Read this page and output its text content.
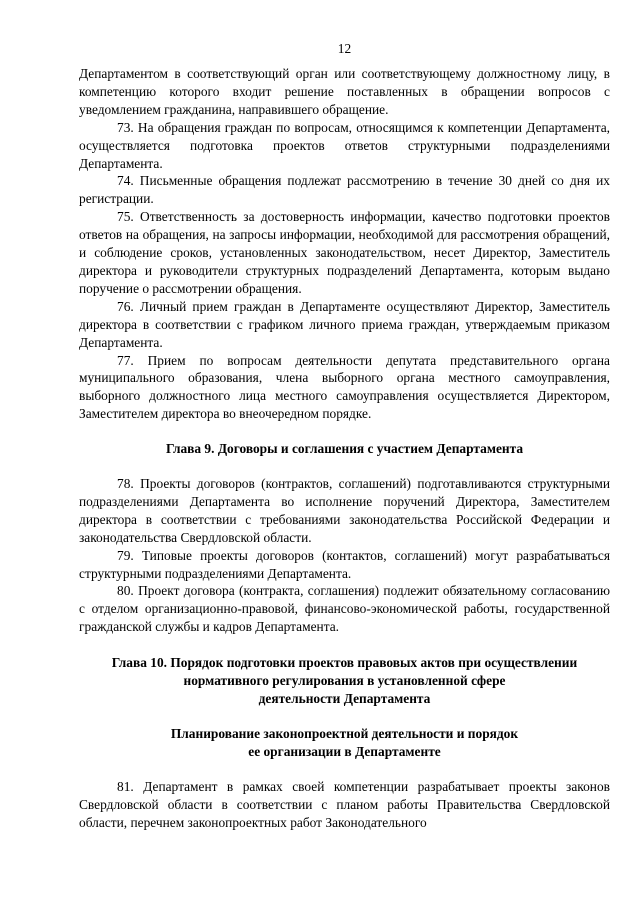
12

Департаментом в соответствующий орган или соответствующему должностному лицу, в компетенцию которого входит решение поставленных в обращении вопросов с уведомлением гражданина, направившего обращение.

73. На обращения граждан по вопросам, относящимся к компетенции Департамента, осуществляется подготовка проектов ответов структурными подразделениями Департамента.

74. Письменные обращения подлежат рассмотрению в течение 30 дней со дня их регистрации.

75. Ответственность за достоверность информации, качество подготовки проектов ответов на обращения, на запросы информации, необходимой для рассмотрения обращений, и соблюдение сроков, установленных законодательством, несет Директор, Заместитель директора и руководители структурных подразделений Департамента, которым выдано поручение о рассмотрении обращения.

76. Личный прием граждан в Департаменте осуществляют Директор, Заместитель директора в соответствии с графиком личного приема граждан, утверждаемым приказом Департамента.

77. Прием по вопросам деятельности депутата представительного органа муниципального образования, члена выборного органа местного самоуправления, выборного должностного лица местного самоуправления осуществляется Директором, Заместителем директора во внеочередном порядке.

Глава 9. Договоры и соглашения с участием Департамента

78. Проекты договоров (контрактов, соглашений) подготавливаются структурными подразделениями Департамента во исполнение поручений Директора, Заместителем директора в соответствии с требованиями законодательства Российской Федерации и законодательства Свердловской области.

79. Типовые проекты договоров (контактов, соглашений) могут разрабатываться структурными подразделениями Департамента.

80. Проект договора (контракта, соглашения) подлежит обязательному согласованию с отделом организационно-правовой, финансово-экономической работы, государственной гражданской службы и кадров Департамента.

Глава 10. Порядок подготовки проектов правовых актов при осуществлении
нормативного регулирования в установленной сфере
деятельности Департамента
Планирование законопроектной деятельности и порядок
ее организации в Департаменте

81. Департамент в рамках своей компетенции разрабатывает проекты законов Свердловской области в соответствии с планом работы Правительства Свердловской области, перечнем законопроектных работ Законодательного
